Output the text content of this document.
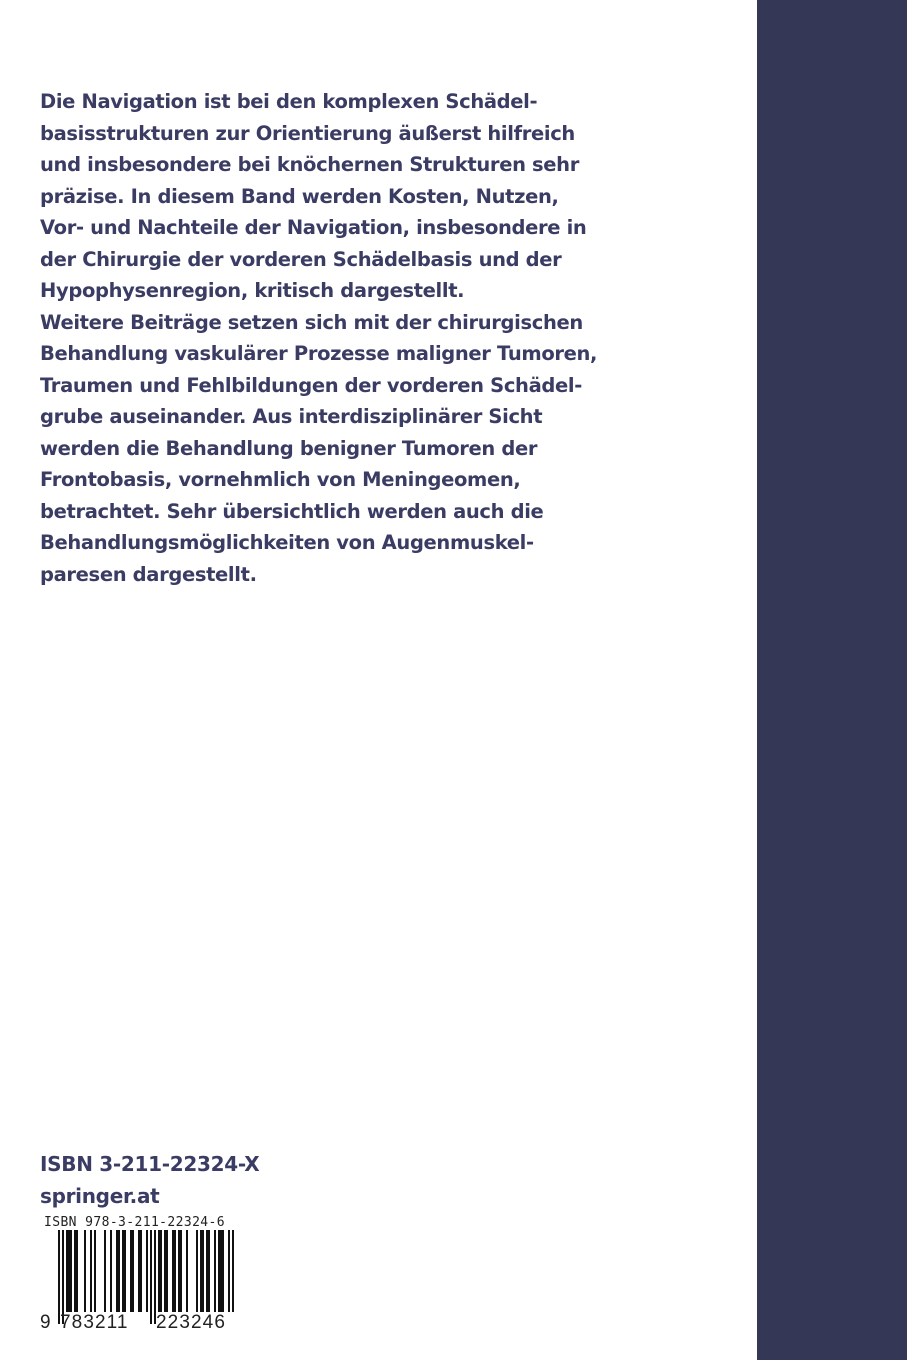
Die Navigation ist bei den komplexen Schädel-
basisstrukturen zur Orientierung äußerst hilfreich
und insbesondere bei knöchernen Strukturen sehr
präzise. In diesem Band werden Kosten, Nutzen,
Vor- und Nachteile der Navigation, insbesondere in
der Chirurgie der vorderen Schädelbasis und der
Hypophysenregion, kritisch dargestellt.
Weitere Beiträge setzen sich mit der chirurgischen
Behandlung vaskulärer Prozesse maligner Tumoren,
Traumen und Fehlbildungen der vorderen Schädel-
grube auseinander. Aus interdisziplinärer Sicht
werden die Behandlung benigner Tumoren der
Frontobasis, vornehmlich von Meningeomen,
betrachtet. Sehr übersichtlich werden auch die
Behandlungsmöglichkeiten von Augenmuskel-
paresen dargestellt.
ISBN 3-211-22324-X
springer.at
ISBN 978-3-211-22324-6
9 783211 223246
